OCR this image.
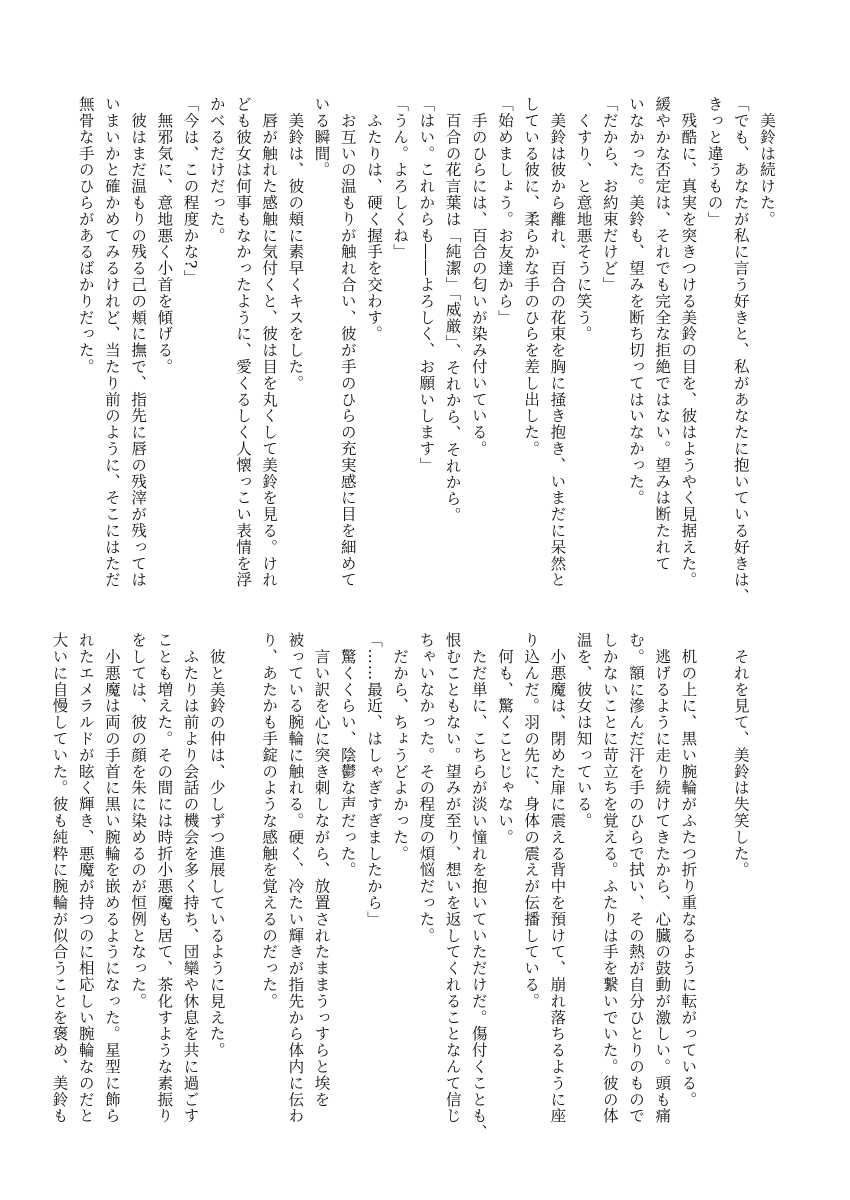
　美鈴は続けた。
「でも、あなたが私に言う好きと、私があなたに抱いている好きは、
きっと違うもの」
　残酷に、真実を突きつける美鈴の目を、彼はようやく見据えた。
緩やかな否定は、それでも完全な拒絶ではない。望みは断たれて
いなかった。美鈴も、望みを断ち切ってはいなかった。
「だから、お約束だけど」
　くすり、と意地悪そうに笑う。
　美鈴は彼から離れ、百合の花束を胸に掻き抱き、いまだに呆然と
している彼に、柔らかな手のひらを差し出した。
「始めましょう。お友達から」
　手のひらには、百合の匂いが染み付いている。
　百合の花言葉は「純潔」「威厳」、それから、それから。
「はい。これからも――よろしく、お願いします」
「うん。よろしくね」
　ふたりは、硬く握手を交わす。
　お互いの温もりが触れ合い、彼が手のひらの充実感に目を細めて
いる瞬間。
　美鈴は、彼の頬に素早くキスをした。
　唇が触れた感触に気付くと、彼は目を丸くして美鈴を見る。けれ
ども彼女は何事もなかったように、愛くるしく人懐っこい表情を浮
かべるだけだった。
「今は、この程度かな?」
　無邪気に、意地悪く小首を傾げる。
　彼はまだ温もりの残る己の頬に撫で、指先に唇の残滓が残っては
いまいかと確かめてみるけれど、当たり前のように、そこにはただ
無骨な手のひらがあるばかりだった。

　それを見て、美鈴は失笑した。

　机の上に、黒い腕輪がふたつ折り重なるように転がっている。
　逃げるように走り続けてきたから、心臓の鼓動が激しい。頭も痛
む。額に滲んだ汗を手のひらで拭い、その熱が自分ひとりのもので
しかないことに苛立ちを覚える。ふたりは手を繋いでいた。彼の体
温を、彼女は知っている。
　小悪魔は、閉めた扉に震える背中を預けて、崩れ落ちるように座
り込んだ。羽の先に、身体の震えが伝播している。
　何も、驚くことじゃない。
　ただ単に、こちらが淡い憧れを抱いていただけだ。傷付くことも、
恨むこともない。望みが至り、想いを返してくれることなんて信じ
ちゃいなかった。その程度の煩悩だった。
　だから、ちょうどよかった。
「……最近、はしゃぎすぎましたから」
　驚くくらい、陰鬱な声だった。
　言い訳を心に突き刺しながら、放置されたままうっすらと埃を
被っている腕輪に触れる。硬く、冷たい輝きが指先から体内に伝わ
り、あたかも手錠のような感触を覚えるのだった。

　彼と美鈴の仲は、少しずつ進展しているように見えた。
　ふたりは前より会話の機会を多く持ち、団欒や休息を共に過ごす
ことも増えた。その間には時折小悪魔も居て、茶化すような素振り
をしては、彼の顔を朱に染めるのが恒例となった。
　小悪魔は両の手首に黒い腕輪を嵌めるようになった。星型に飾ら
れたエメラルドが眩く輝き、悪魔が持つのに相応しい腕輪なのだと
大いに自慢していた。彼も純粋に腕輪が似合うことを褒め、美鈴も
